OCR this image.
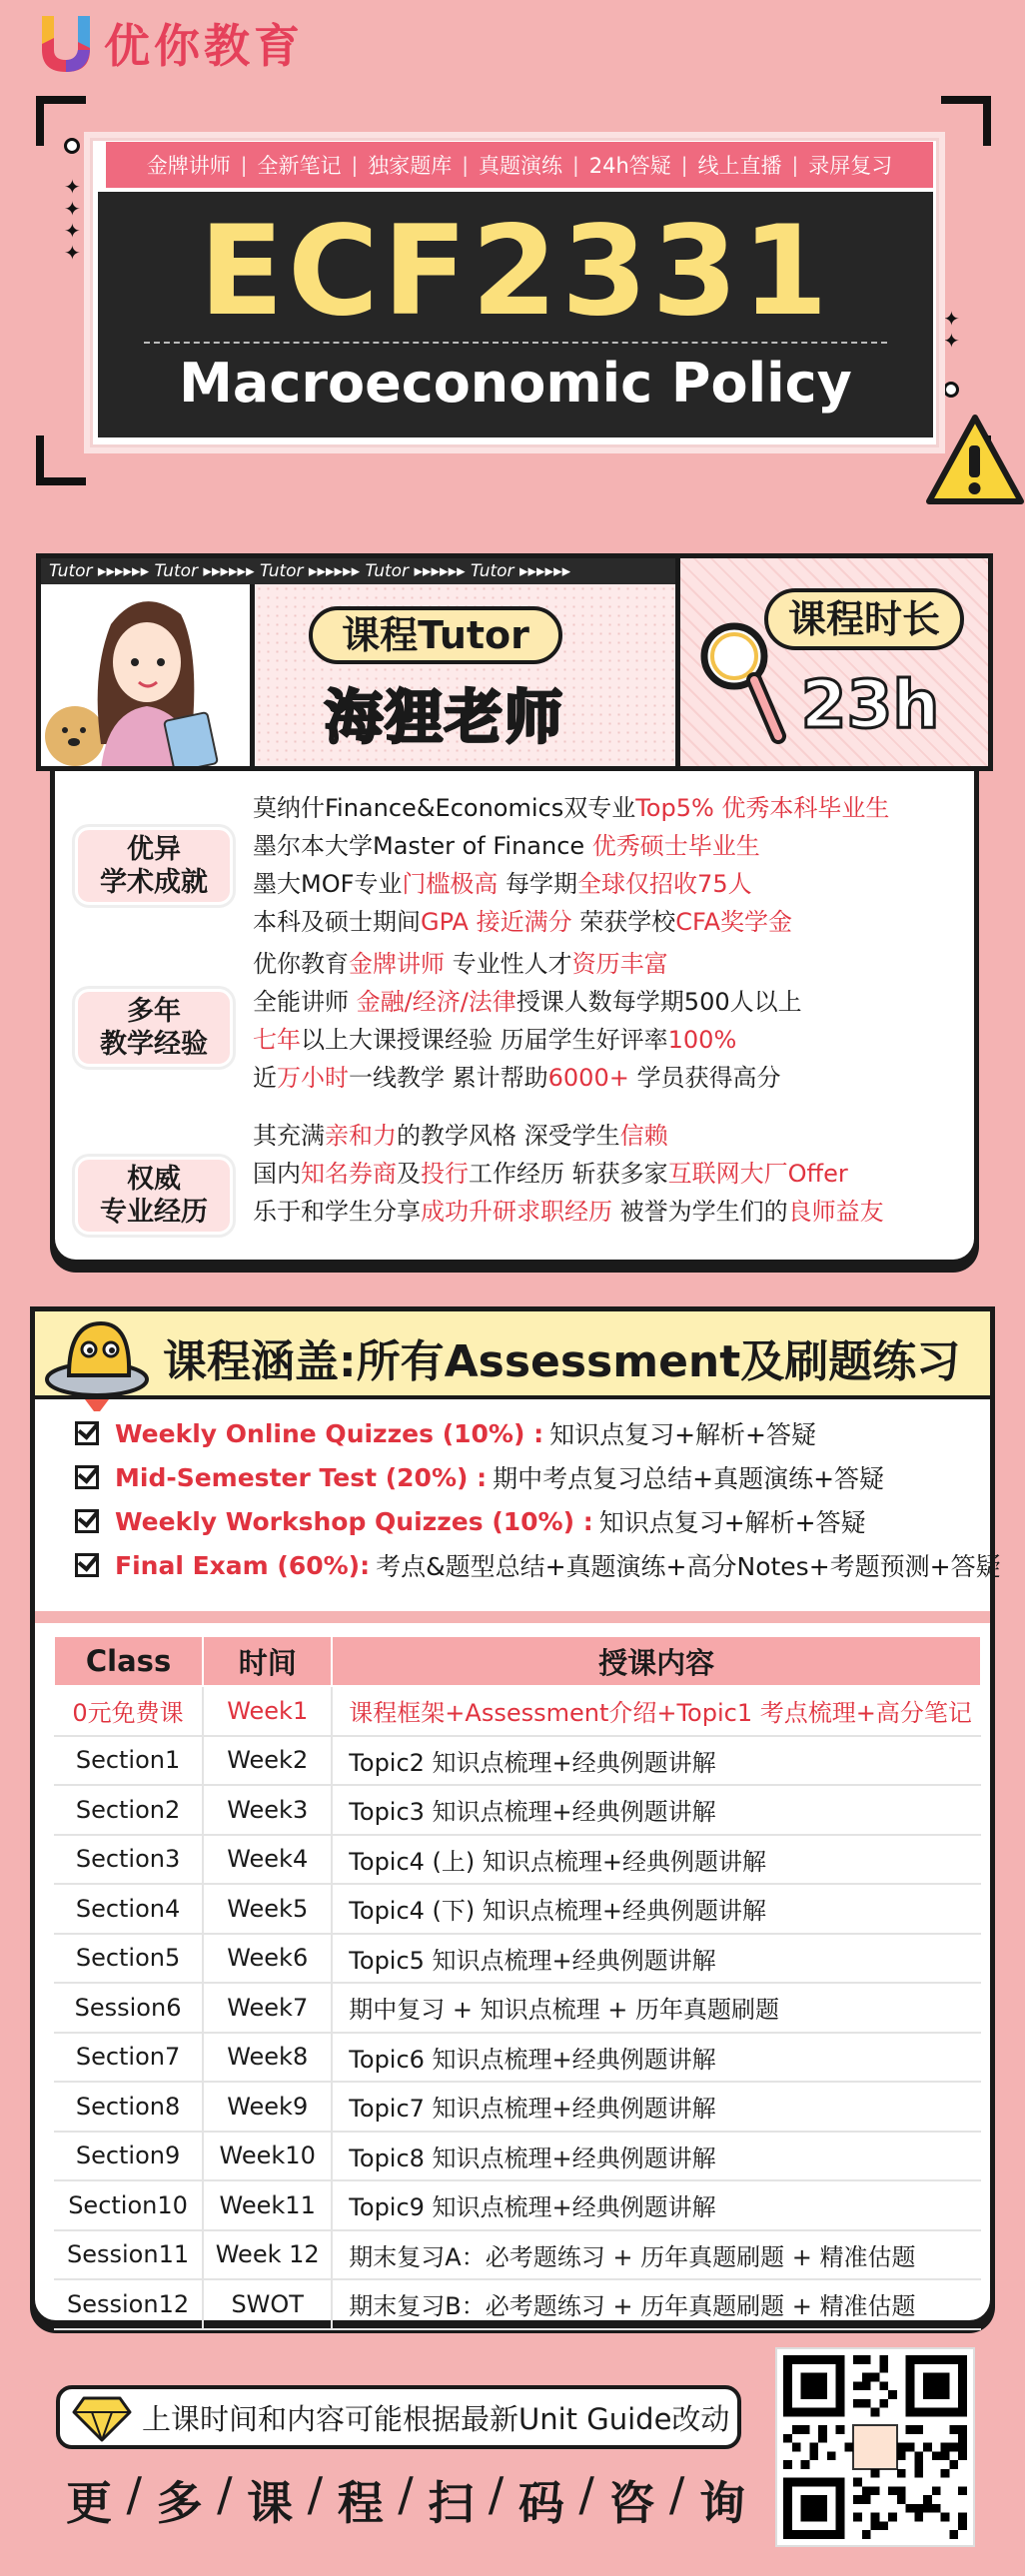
优你教育
✦
✦
✦
✦
✦
✦
金牌讲师 | 全新笔记 | 独家题库 | 真题演练 | 24h答疑 | 线上直播 | 录屏复习
ECF2331
Macroeconomic Policy
Tutor ▸▸▸▸▸▸ Tutor ▸▸▸▸▸▸ Tutor ▸▸▸▸▸▸ Tutor ▸▸▸▸▸▸ Tutor ▸▸▸▸▸▸
课程Tutor
海狸老师
课程时长
23h
优异
学术成就
莫纳什Finance&Economics双专业Top5% 优秀本科毕业生
墨尔本大学Master of Finance 优秀硕士毕业生
墨大MOF专业门槛极高 每学期全球仅招收75人
本科及硕士期间GPA 接近满分 荣获学校CFA奖学金
多年
教学经验
优你教育金牌讲师 专业性人才资历丰富
全能讲师 金融/经济/法律授课人数每学期500人以上
七年以上大课授课经验 历届学生好评率100%
近万小时一线教学 累计帮助6000+ 学员获得高分
权威
专业经历
其充满亲和力的教学风格 深受学生信赖
国内知名券商及投行工作经历 斩获多家互联网大厂Offer
乐于和学生分享成功升研求职经历 被誉为学生们的良师益友
课程涵盖:所有Assessment及刷题练习
Weekly Online Quizzes (10%) : 知识点复习+解析+答疑
Mid-Semester Test (20%) : 期中考点复习总结+真题演练+答疑
Weekly Workshop Quizzes (10%) : 知识点复习+解析+答疑
Final Exam (60%): 考点&题型总结+真题演练+高分Notes+考题预测+答疑
Class	时间	授课内容
0元免费课	Week1	课程框架+Assessment介绍+Topic1 考点梳理+高分笔记
Section1	Week2	Topic2 知识点梳理+经典例题讲解
Section2	Week3	Topic3 知识点梳理+经典例题讲解
Section3	Week4	Topic4 (上) 知识点梳理+经典例题讲解
Section4	Week5	Topic4 (下) 知识点梳理+经典例题讲解
Section5	Week6	Topic5 知识点梳理+经典例题讲解
Session6	Week7	期中复习 + 知识点梳理 + 历年真题刷题
Section7	Week8	Topic6 知识点梳理+经典例题讲解
Section8	Week9	Topic7 知识点梳理+经典例题讲解
Section9	Week10	Topic8 知识点梳理+经典例题讲解
Section10	Week11	Topic9 知识点梳理+经典例题讲解
Session11	Week 12	期末复习A：必考题练习 + 历年真题刷题 + 精准估题
Session12	SWOT	期末复习B：必考题练习 + 历年真题刷题 + 精准估题
上课时间和内容可能根据最新Unit Guide改动
更 / 多 / 课 / 程 / 扫 / 码 / 咨 / 询
